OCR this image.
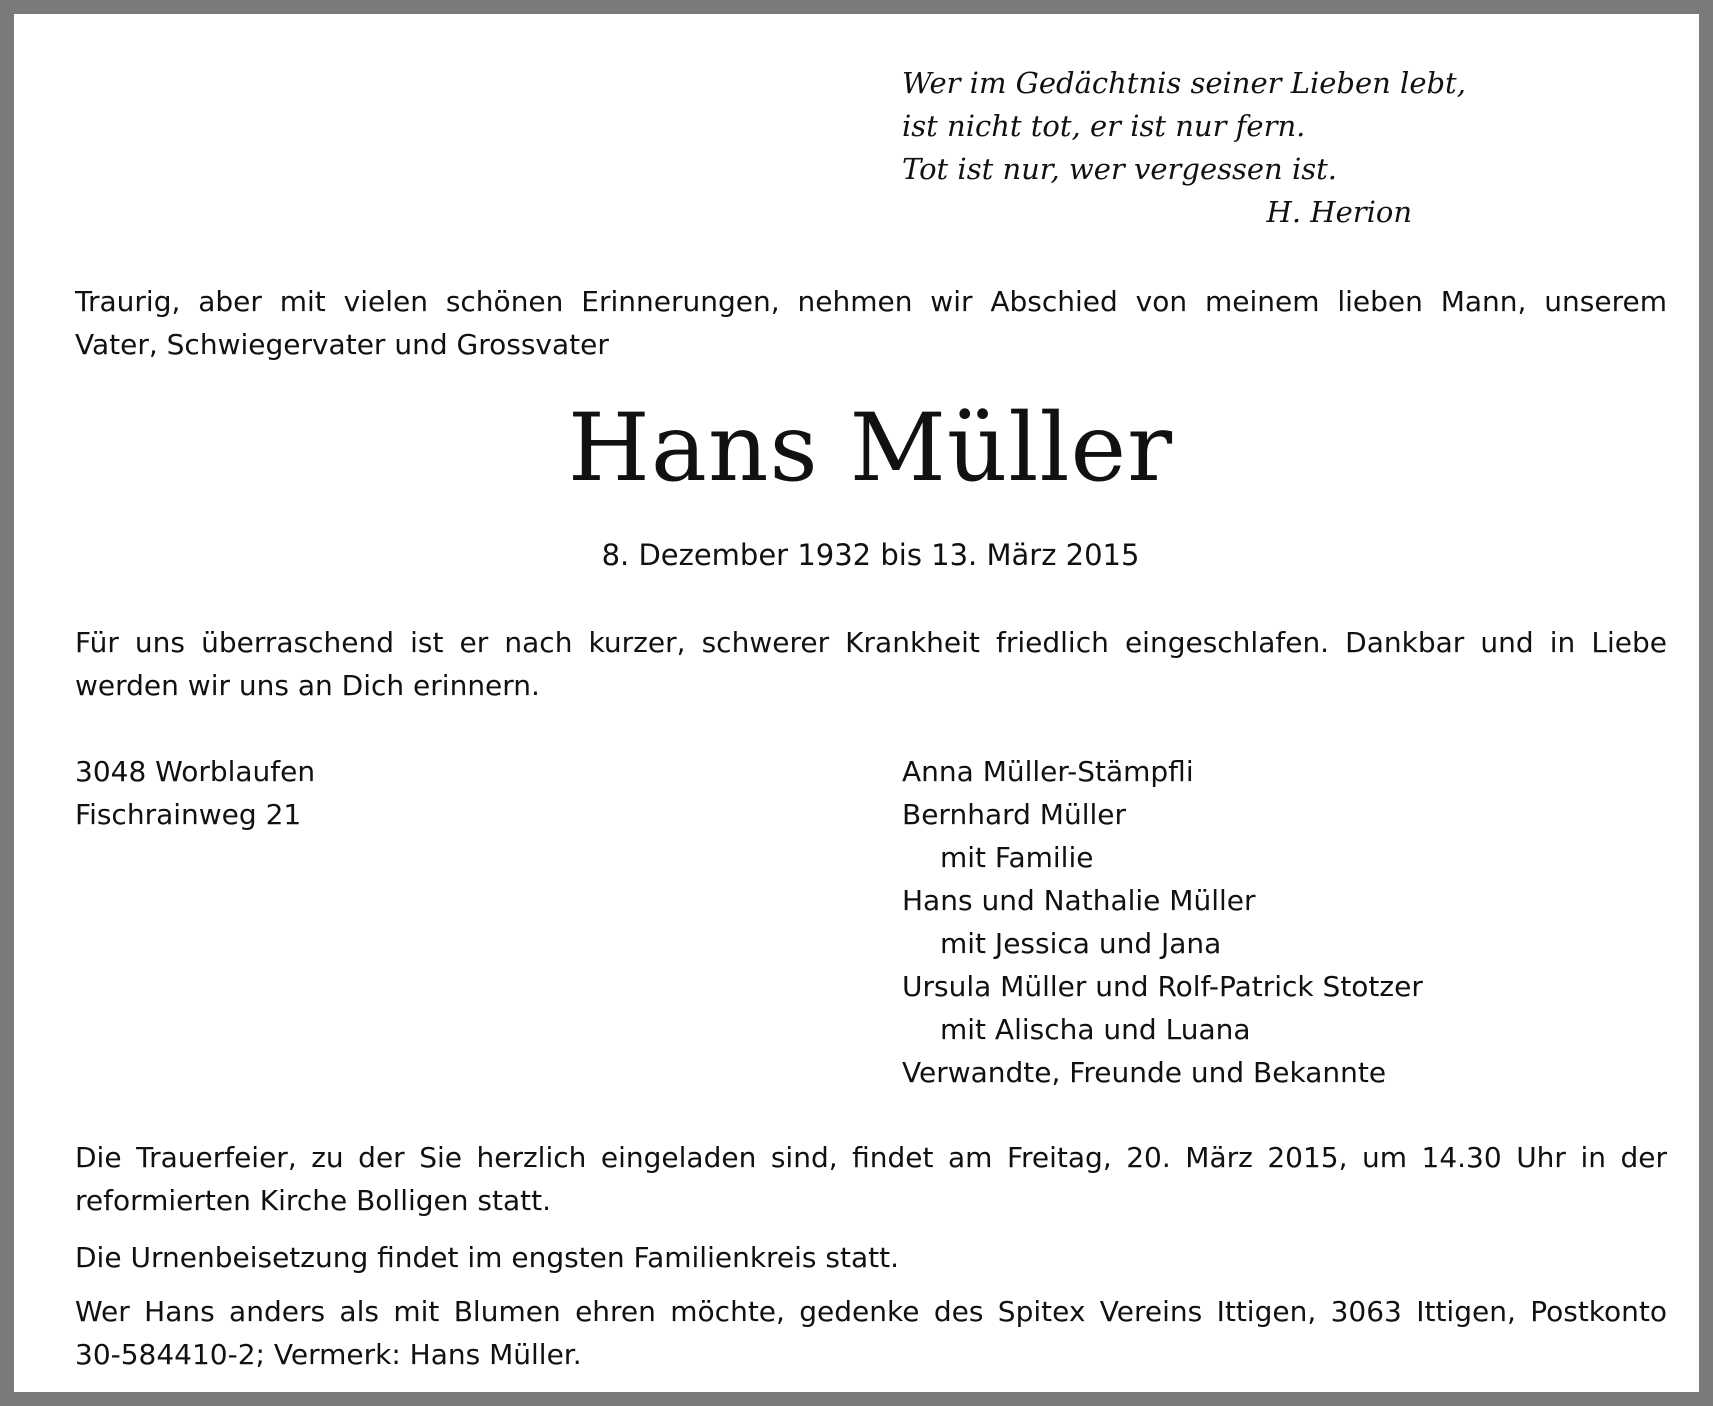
Wer im Gedächtnis seiner Lieben lebt,
ist nicht tot, er ist nur fern.
Tot ist nur, wer vergessen ist.
H. Herion
Traurig, aber mit vielen schönen Erinnerungen, nehmen wir Abschied von meinem lieben Mann, unserem
Vater, Schwiegervater und Grossvater
Hans Müller
8. Dezember 1932 bis 13. März 2015
Für uns überraschend ist er nach kurzer, schwerer Krankheit friedlich eingeschlafen. Dankbar und in Liebe
werden wir uns an Dich erinnern.
3048 Worblaufen
Fischrainweg 21
Anna Müller-Stämpfli
Bernhard Müller
mit Familie
Hans und Nathalie Müller
mit Jessica und Jana
Ursula Müller und Rolf-Patrick Stotzer
mit Alischa und Luana
Verwandte, Freunde und Bekannte
Die Trauerfeier, zu der Sie herzlich eingeladen sind, findet am Freitag, 20. März 2015, um 14.30 Uhr in der
reformierten Kirche Bolligen statt.
Die Urnenbeisetzung findet im engsten Familienkreis statt.
Wer Hans anders als mit Blumen ehren möchte, gedenke des Spitex Vereins Ittigen, 3063 Ittigen, Postkonto
30-584410-2; Vermerk: Hans Müller.
